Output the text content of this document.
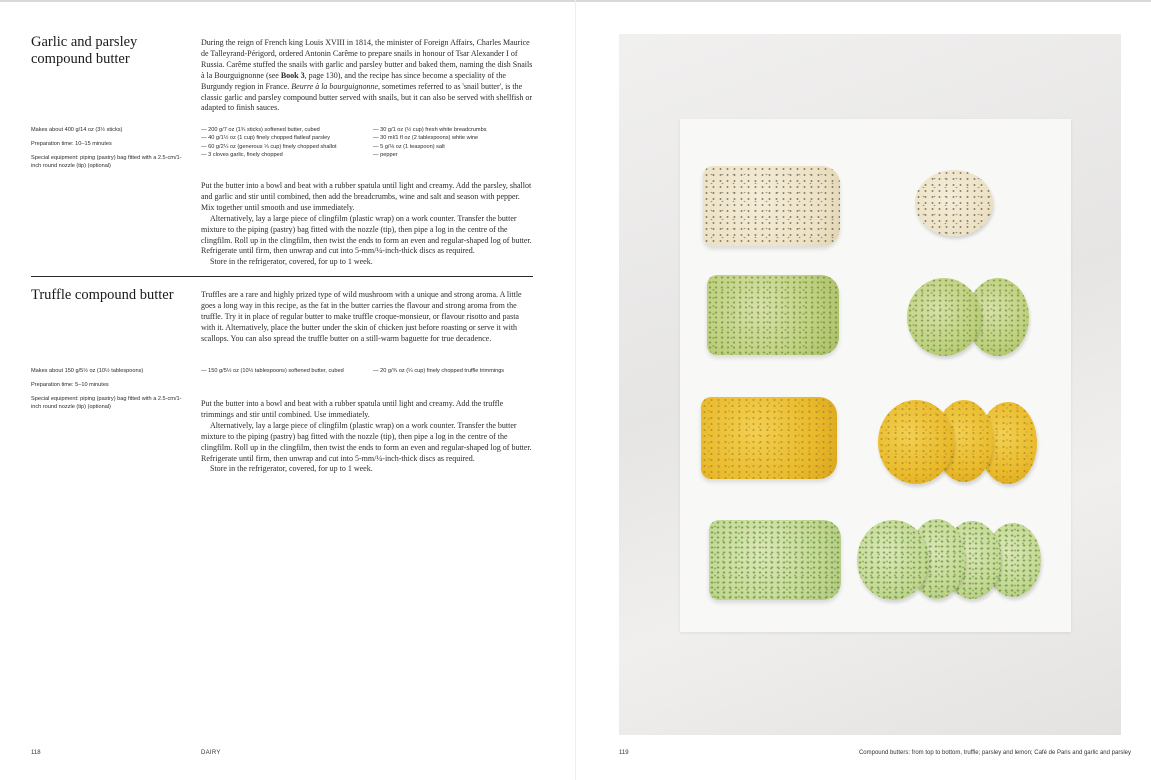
Garlic and parsley compound butter
During the reign of French king Louis XVIII in 1814, the minister of Foreign Affairs, Charles Maurice de Talleyrand-Périgord, ordered Antonin Carême to prepare snails in honour of Tsar Alexander I of Russia. Carême stuffed the snails with garlic and parsley butter and baked them, naming the dish Snails à la Bourguignonne (see Book 3, page 130), and the recipe has since become a speciality of the Burgundy region in France. Beurre à la bourguignonne, sometimes referred to as 'snail butter', is the classic garlic and parsley compound butter served with snails, but it can also be served with shellfish or adapted to finish sauces.
Makes about 400 g/14 oz (3½ sticks)
Preparation time: 10–15 minutes
Special equipment: piping (pastry) bag fitted with a 2.5-cm/1-inch round nozzle (tip) (optional)
— 200 g/7 oz (1¾ sticks) softened butter, cubed
— 40 g/1½ oz (1 cup) finely chopped flatleaf parsley
— 60 g/2¼ oz (generous ⅓ cup) finely chopped shallot
— 3 cloves garlic, finely chopped
— 30 g/1 oz (½ cup) fresh white breadcrumbs
— 30 ml/1 fl oz (2 tablespoons) white wine
— 5 g/⅛ oz (1 teaspoon) salt
— pepper

Put the butter into a bowl and beat with a rubber spatula until light and creamy. Add the parsley, shallot and garlic and stir until combined, then add the breadcrumbs, wine and salt and season with pepper. Mix together until smooth and use immediately.

Alternatively, lay a large piece of clingfilm (plastic wrap) on a work counter. Transfer the butter mixture to the piping (pastry) bag fitted with the nozzle (tip), then pipe a log in the centre of the clingfilm. Roll up in the clingfilm, then twist the ends to form an even and regular-shaped log of butter. Refrigerate until firm, then unwrap and cut into 5-mm/¼-inch-thick discs as required.

Store in the refrigerator, covered, for up to 1 week.

Truffle compound butter	Truffles are a rare and highly prized type of wild mushroom with a unique and strong aroma. A little goes a long way in this recipe, as the fat in the butter carries the flavour and strong aroma from the truffle. Try it in place of regular butter to make truffle croque-monsieur, or flavour risotto and pasta with it. Alternatively, place the butter under the skin of chicken just before roasting or serve it with scallops. You can also spread the truffle butter on a still-warm baguette for true decadence.
Makes about 150 g/5½ oz (10½ tablespoons)
Preparation time: 5–10 minutes
Special equipment: piping (pastry) bag fitted with a 2.5-cm/1-inch round nozzle (tip) (optional)
— 150 g/5½ oz (10½ tablespoons) softened butter, cubed
—	20 g/¾ oz (¼ cup) finely chopped truffle trimmings

Put the butter into a bowl and beat with a rubber spatula until light and creamy. Add the truffle trimmings and stir until combined. Use immediately.

Alternatively, lay a large piece of clingfilm (plastic wrap) on a work counter. Transfer the butter mixture to the piping (pastry) bag fitted with the nozzle (tip), then pipe a log in the centre of the clingfilm. Roll up in the clingfilm, then twist the ends to form an even and regular-shaped log of butter. Refrigerate until firm, then unwrap and cut into 5-mm/¼-inch-thick discs as required.

Store in the refrigerator, covered, for up to 1 week.

118	DAIRY	119	Compound butters: from top to bottom, truffle; parsley and lemon; Café de Paris and garlic and parsley
